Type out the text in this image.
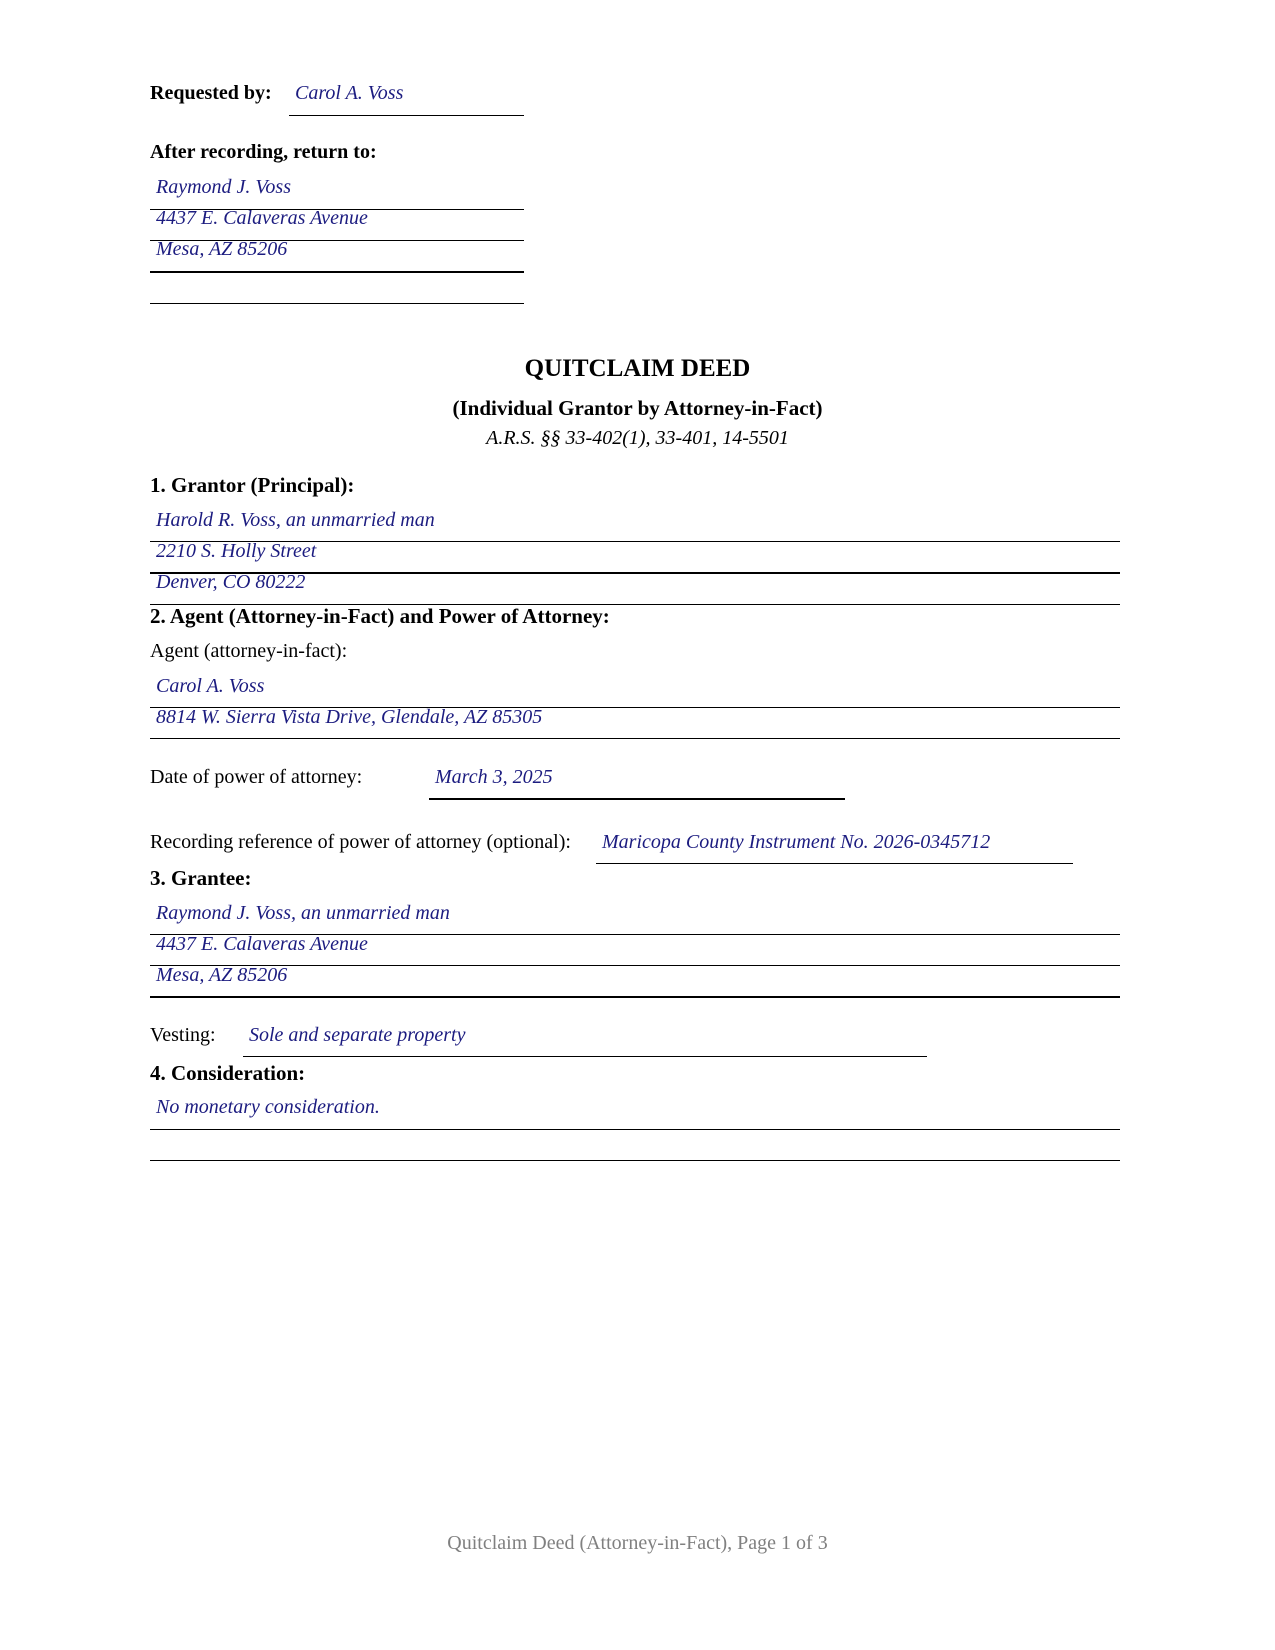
Requested by: Carol A. Voss
After recording, return to:
Raymond J. Voss
4437 E. Calaveras Avenue
Mesa, AZ 85206
QUITCLAIM DEED
(Individual Grantor by Attorney-in-Fact)
A.R.S. §§ 33-402(1), 33-401, 14-5501
1. Grantor (Principal):
Harold R. Voss, an unmarried man
2210 S. Holly Street
Denver, CO 80222
2. Agent (Attorney-in-Fact) and Power of Attorney:
Agent (attorney-in-fact):
Carol A. Voss
8814 W. Sierra Vista Drive, Glendale, AZ 85305
Date of power of attorney:	March 3, 2025
Recording reference of power of attorney (optional): Maricopa County Instrument No. 2026-0345712
3. Grantee:
Raymond J. Voss, an unmarried man
4437 E. Calaveras Avenue
Mesa, AZ 85206
Vesting: Sole and separate property
4. Consideration:
No monetary consideration.
Quitclaim Deed (Attorney-in-Fact), Page 1 of 3
